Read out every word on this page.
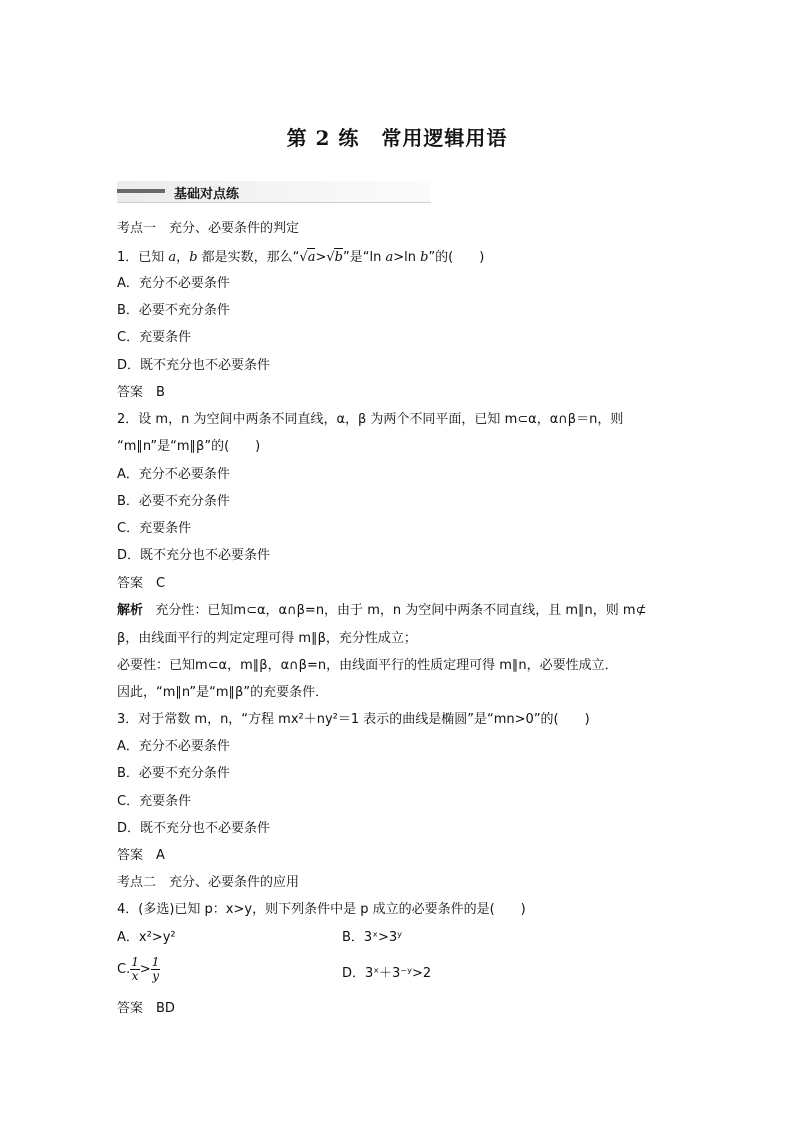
第 2 练 常用逻辑用语
基础对点练
考点一　充分、必要条件的判定
1．已知 a，b 都是实数，那么“√a>√b”是“ln a>ln b”的(　　)
A．充分不必要条件
B．必要不充分条件
C．充要条件
D．既不充分也不必要条件
答案　B
2．设 m，n 为空间中两条不同直线，α，β 为两个不同平面，已知 m⊂α，α∩β＝n，则
“m∥n”是“m∥β”的(　　)
A．充分不必要条件
B．必要不充分条件
C．充要条件
D．既不充分也不必要条件
答案　C
解析 充分性：已知m⊂α，α∩β=n，由于 m，n 为空间中两条不同直线，且 m∥n，则 m⊄
β，由线面平行的判定定理可得 m∥β，充分性成立；
必要性：已知m⊂α，m∥β，α∩β=n，由线面平行的性质定理可得 m∥n，必要性成立．
因此，“m∥n”是“m∥β”的充要条件．
3．对于常数 m，n，“方程 mx²＋ny²＝1 表示的曲线是椭圆”是“mn>0”的(　　)
A．充分不必要条件
B．必要不充分条件
C．充要条件
D．既不充分也不必要条件
答案　A
考点二　充分、必要条件的应用
4．(多选)已知 p：x>y，则下列条件中是 p 成立的必要条件的是(　　)
A．x²>y²	B．3ˣ>3ʸ
C. $\frac{1}{x} > \frac{1}{y}$	D．3ˣ＋3⁻ʸ>2
答案　BD
